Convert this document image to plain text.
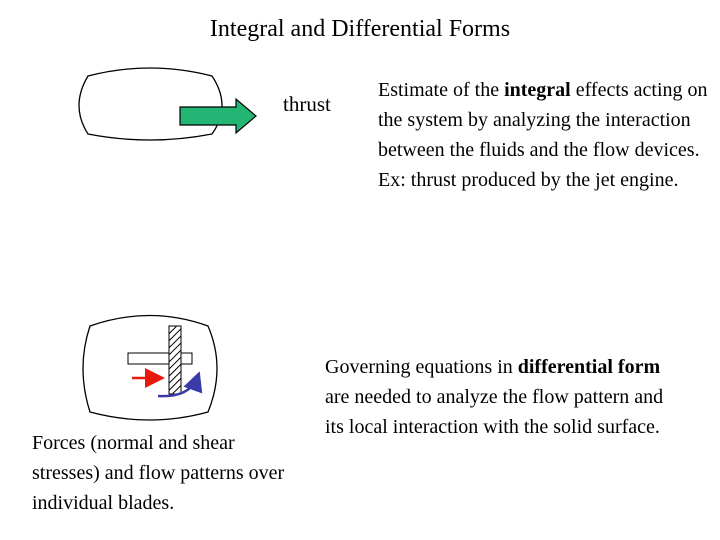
Integral and Differential Forms
thrust
Estimate of the integral effects acting on the system by analyzing the interaction between the fluids and the flow devices. Ex: thrust produced by the jet engine.
Governing equations in differential form are needed to analyze the flow pattern and its local interaction with the solid surface.
Forces (normal and shear stresses) and flow patterns over individual blades.
